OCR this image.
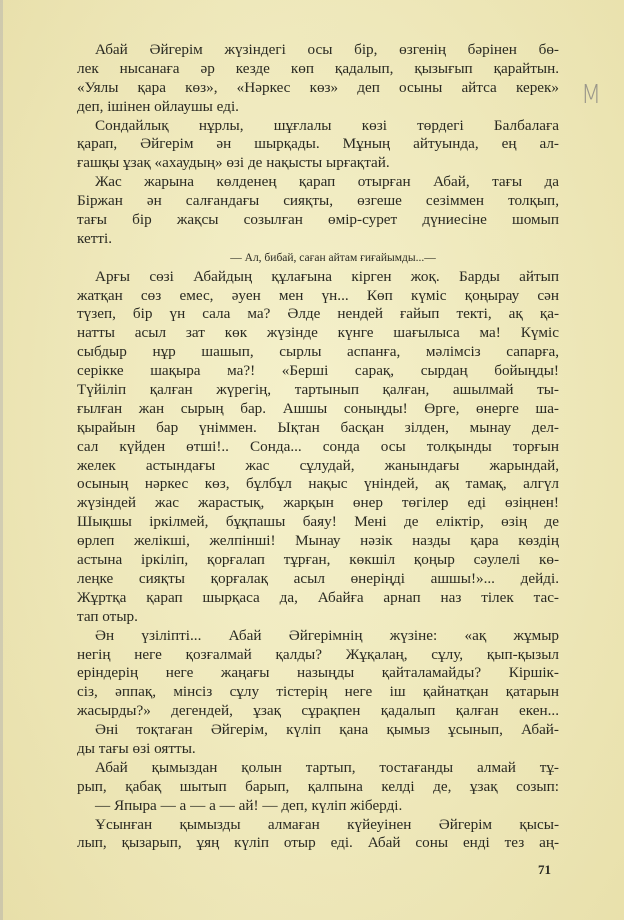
Абай Әйгерім жүзіндегі осы бір, өзгенің бәрінен бө-
лек нысанаға әр кезде көп қадалып, қызығып қарайтын.
«Уялы қара көз», «Нәркес көз» деп осыны айтса керек»
деп, ішінен ойлаушы еді.
Сондайлық нұрлы, шұғлалы көзі төрдегі Балбалаға
қарап, Әйгерім ән шырқады. Мұның айтуында, ең ал-
ғашқы ұзақ «ахаудың» өзі де нақысты ырғақтай.
Жас жарына көлденең қарап отырған Абай, тағы да
Біржан ән салғандағы сияқты, өзгеше сезіммен толқып,
тағы бір жақсы созылған өмір-сурет дүниесіне шомып
кетті.
— Ал, бибай, саған айтам ғиғайымды...—
Арғы сөзі Абайдың құлағына кірген жоқ. Барды айтып
жатқан сөз емес, әуен мен үн... Көп күміс қоңырау сән
түзеп, бір үн сала ма? Әлде нендей ғайып текті, ақ қа-
натты асыл зат көк жүзінде күнге шағылыса ма! Күміс
сыбдыр нұр шашып, сырлы аспанға, мәлімсіз сапарға,
серікке шақыра ма?! «Берші сарақ, сырдаң бойыңды!
Түйіліп қалған жүрегің, тартынып қалған, ашылмай ты-
ғылған жан сырың бар. Ашшы соныңды! Өрге, өнерге ша-
қырайын бар үніммен. Ықтан басқан зілден, мынау дел-
сал күйден өтші!.. Сонда... сонда осы толқынды торғын
желек астындағы жас сұлудай, жанындағы жарындай,
осының нәркес көз, бұлбұл нақыс үніндей, ақ тамақ, алгүл
жүзіндей жас жарастық, жарқын өнер төгілер еді өзіңнен!
Шықшы іркілмей, бұқпашы баяу! Мені де еліктір, өзің де
өрлеп желікші, желпінші! Мынау нәзік назды қара көздің
астына іркіліп, қорғалап тұрған, көкшіл қоңыр сәулелі кө-
леңке сияқты қорғалақ асыл өнеріңді ашшы!»... дейді.
Жұртқа қарап шырқаса да, Абайға арнап наз тілек тас-
тап отыр.
Ән үзіліпті... Абай Әйгерімнің жүзіне: «ақ жұмыр
негің неге қозғалмай қалды? Жұқалаң, сұлу, қып-қызыл
еріндерің неге жаңағы назыңды қайталамайды? Кіршік-
сіз, әппақ, мінсіз сұлу тістерің неге іш қайнатқан қатарын
жасырды?» дегендей, ұзақ сұрақпен қадалып қалған екен...
Әні тоқтаған Әйгерім, күліп қана қымыз ұсынып, Абай-
ды тағы өзі оятты.
Абай қымыздан қолын тартып, тостағанды алмай тұ-
рып, қабақ шытып барып, қалпына келді де, ұзақ созып:
— Япыра — а — а — ай! — деп, күліп жіберді.
Ұсынған қымызды алмаған күйеуінен Әйгерім қысы-
лып, қызарып, ұяң күліп отыр еді. Абай соны енді тез аң-
71
M
